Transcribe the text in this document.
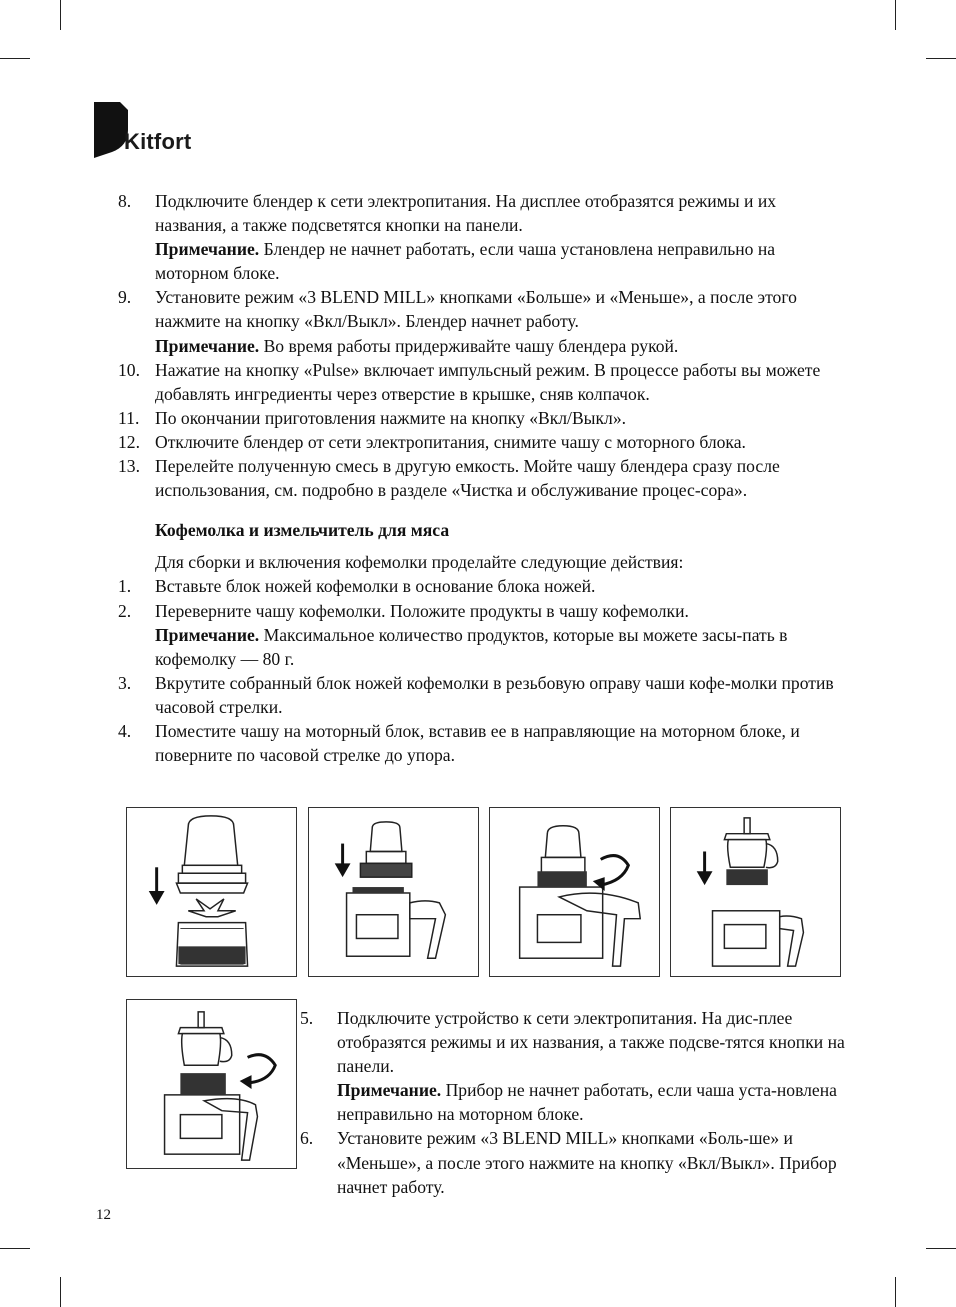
Kitfort
8.	Подключите блендер к сети электропитания. На дисплее отобразятся режимы и их названия, а также подсветятся кнопки на панели.
Примечание. Блендер не начнет работать, если чаша установлена неправильно на моторном блоке.
9.	Установите режим «3 BLEND MILL» кнопками «Больше» и «Меньше», а после этого нажмите на кнопку «Вкл/Выкл». Блендер начнет работу.
Примечание. Во время работы придерживайте чашу блендера рукой.
10. Нажатие на кнопку «Pulse» включает импульсный режим. В процессе работы вы можете добавлять ингредиенты через отверстие в крышке, сняв колпачок.
11. По окончании приготовления нажмите на кнопку «Вкл/Выкл».
12. Отключите блендер от сети электропитания, снимите чашу с моторного блока.
13. Перелейте полученную смесь в другую емкость. Мойте чашу блендера сразу после использования, см. подробно в разделе «Чистка и обслуживание процес-сора».
Кофемолка и измельчитель для мяса
Для сборки и включения кофемолки проделайте следующие действия:
1.	Вставьте блок ножей кофемолки в основание блока ножей.
2.	Переверните чашу кофемолки. Положите продукты в чашу кофемолки.
Примечание. Максимальное количество продуктов, которые вы можете засы-пать в кофемолку — 80 г.
3.	Вкрутите собранный блок ножей кофемолки в резьбовую оправу чаши кофе-молки против часовой стрелки.
4.	Поместите чашу на моторный блок, вставив ее в направляющие на моторном блоке, и поверните по часовой стрелке до упора.
5.	Подключите устройство к сети электропитания. На дис-плее отобразятся режимы и их названия, а также подсве-тятся кнопки на панели.
Примечание. Прибор не начнет работать, если чаша уста-новлена неправильно на моторном блоке.
6.	Установите режим «3 BLEND MILL» кнопками «Боль-ше» и «Меньше», а после этого нажмите на кнопку «Вкл/Выкл». Прибор начнет работу.
12
